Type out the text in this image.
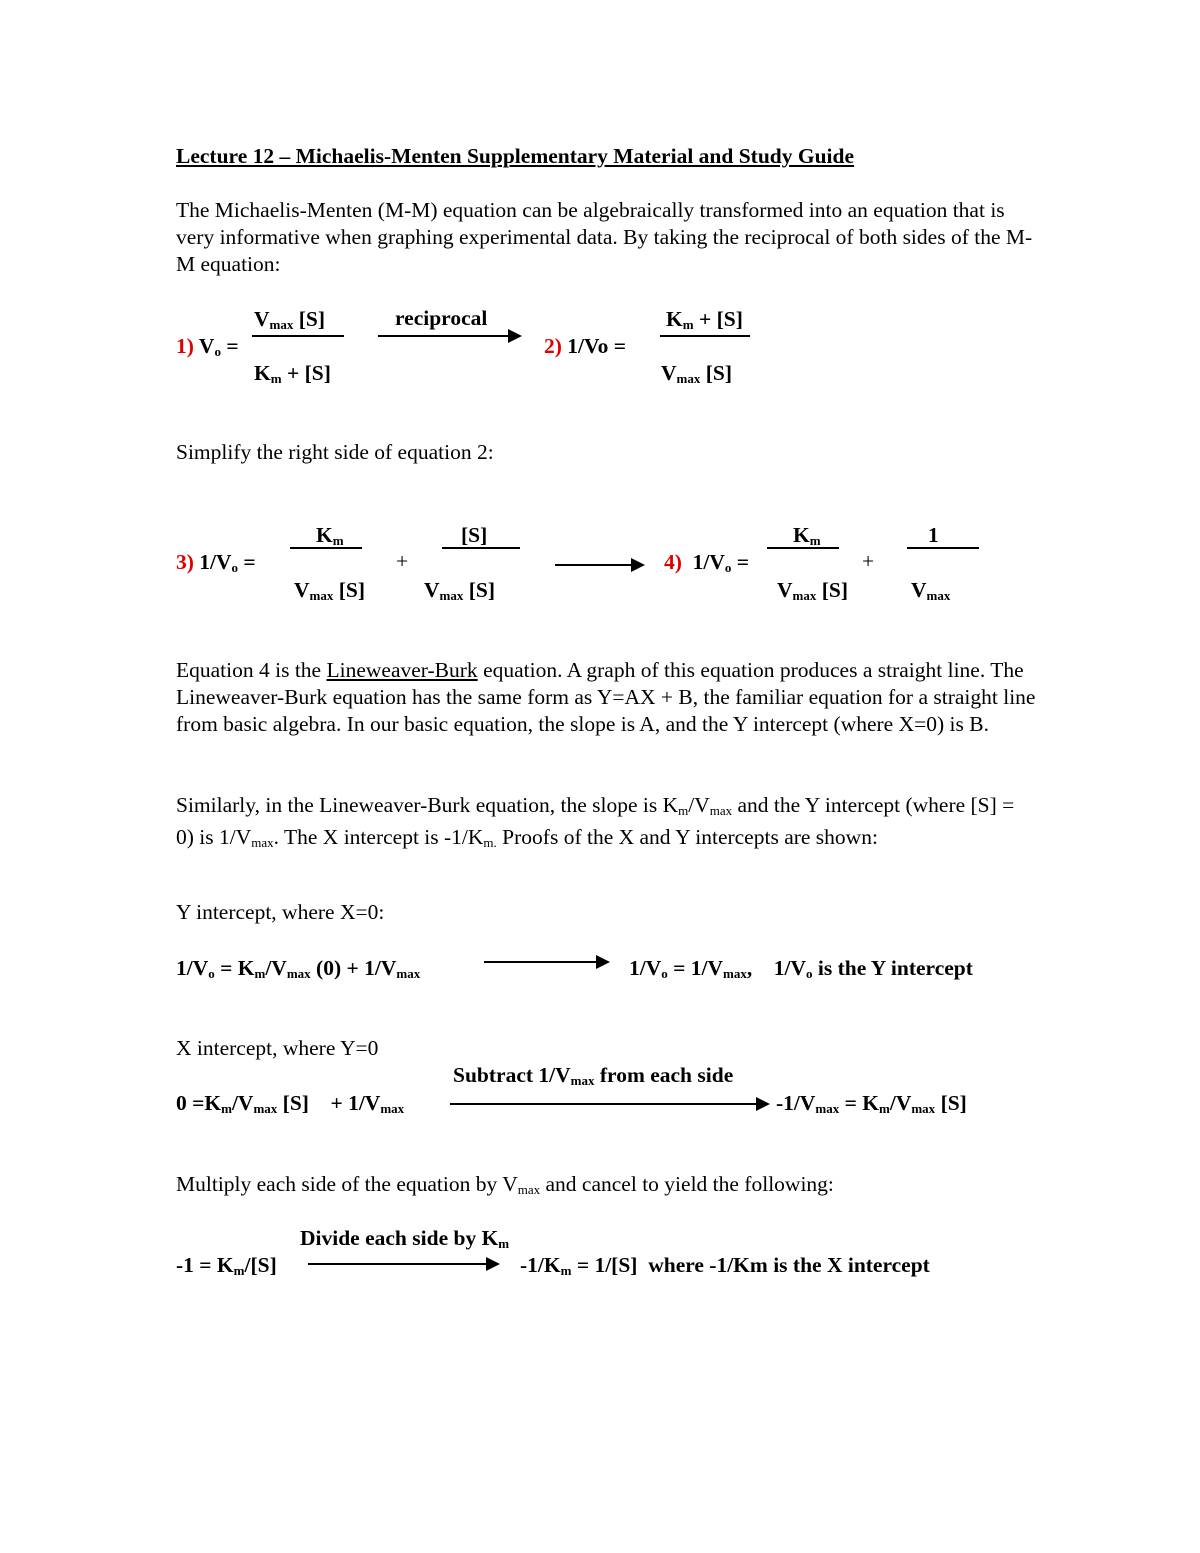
Lecture 12 – Michaelis-Menten Supplementary Material and Study Guide
The Michaelis-Menten (M-M) equation can be algebraically transformed into an equation that is very informative when graphing experimental data. By taking the reciprocal of both sides of the M-M equation:
1) $V_o$ =
$V_{max}$ [S]
$K_m + [S]$
reciprocal
2) 1/Vo =
$K_m + [S]$
$V_{max}$ [S]
Simplify the right side of equation 2:
3) $1/V_o$ =
$K_m$
$V_{max}$ [S]
+
[S]
$V_{max}$ [S]
4)  $1/V_o$ =
$K_m$
$V_{max}$ [S]
+
1
$V_{max}$
Equation 4 is the Lineweaver-Burk equation. A graph of this equation produces a straight line. The Lineweaver-Burk equation has the same form as Y=AX + B, the familiar equation for a straight line from basic algebra. In our basic equation, the slope is A, and the Y intercept (where X=0) is B.
Similarly, in the Lineweaver-Burk equation, the slope is $K_m/V_{max}$ and the Y intercept (where [S] = 0) is $1/V_{max}$. The X intercept is $-1/K_{m.}$ Proofs of the X and Y intercepts are shown:
Y intercept, where X=0:
$1/V_o = K_m/V_{max}$ $(0) + 1/V_{max}$	$1/V_o = 1/V_{max}$,    $1/V_o$ is the Y intercept
X intercept, where Y=0
Subtract $1/V_{max}$ from each side
$0 =K_m/V_{max}$ [S]    + $1/V_{max}$	$-1/V_{max} = K_m/V_{max}$ [S]
Multiply each side of the equation by $V_{max}$ and cancel to yield the following:
Divide each side by $K_m$
$-1 = K_m/[S]$	$-1/K_m = 1/[S]$  where -1/Km is the X intercept
